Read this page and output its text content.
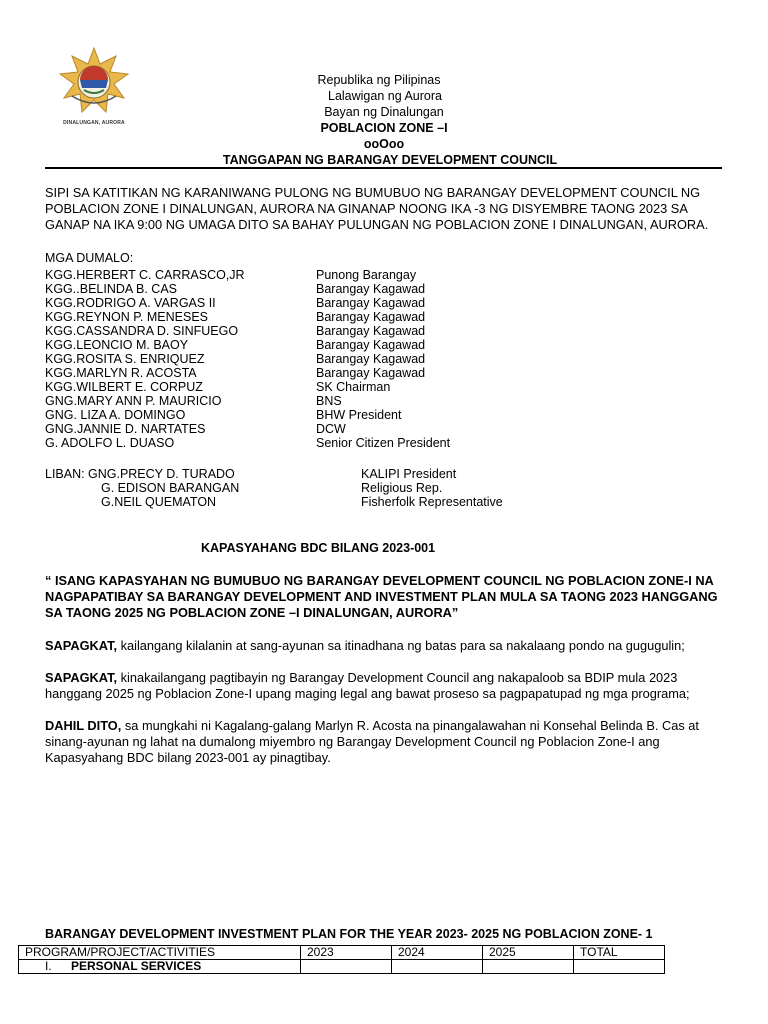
DINALUNGAN, AURORA
Republika ng Pilipinas
Lalawigan ng Aurora
Bayan ng Dinalungan
POBLACION ZONE –I
ooOoo
TANGGAPAN NG BARANGAY DEVELOPMENT COUNCIL
SIPI SA KATITIKAN NG KARANIWANG PULONG NG BUMUBUO NG BARANGAY DEVELOPMENT COUNCIL NG POBLACION ZONE I DINALUNGAN, AURORA NA GINANAP NOONG IKA -3 NG DISYEMBRE TAONG 2023 SA GANAP NA IKA 9:00 NG UMAGA DITO SA BAHAY PULUNGAN NG POBLACION ZONE I DINALUNGAN, AURORA.
MGA DUMALO:
KGG.HERBERT C. CARRASCO,JR	Punong Barangay
KGG..BELINDA B. CAS	Barangay Kagawad
KGG.RODRIGO A. VARGAS II	Barangay Kagawad
KGG.REYNON P. MENESES	Barangay Kagawad
KGG.CASSANDRA D. SINFUEGO	Barangay Kagawad
KGG.LEONCIO M. BAOY	Barangay Kagawad
KGG.ROSITA S. ENRIQUEZ	Barangay Kagawad
KGG.MARLYN R. ACOSTA	Barangay Kagawad
KGG.WILBERT E. CORPUZ	SK Chairman
GNG.MARY ANN P. MAURICIO	BNS
GNG. LIZA A. DOMINGO	BHW President
GNG.JANNIE D. NARTATES	DCW
G. ADOLFO L. DUASO	Senior Citizen President
LIBAN: GNG.PRECY D. TURADO	KALIPI President
G. EDISON BARANGAN	Religious Rep.
G.NEIL QUEMATON	Fisherfolk Representative
KAPASYAHANG BDC BILANG 2023-001
“ ISANG KAPASYAHAN NG BUMUBUO NG BARANGAY DEVELOPMENT COUNCIL NG POBLACION ZONE-I NA NAGPAPATIBAY SA BARANGAY DEVELOPMENT AND INVESTMENT PLAN MULA SA TAONG 2023 HANGGANG SA TAONG 2025 NG POBLACION ZONE –I DINALUNGAN, AURORA”
SAPAGKAT, kailangang kilalanin at sang-ayunan sa itinadhana ng batas para sa nakalaang pondo na gugugulin;
SAPAGKAT, kinakailangang pagtibayin ng Barangay Development Council ang nakapaloob sa BDIP mula 2023 hanggang 2025 ng Poblacion Zone-I upang maging legal ang bawat proseso sa pagpapatupad ng mga programa;
DAHIL DITO, sa mungkahi ni Kagalang-galang Marlyn R. Acosta na pinangalawahan ni Konsehal Belinda B. Cas at sinang-ayunan ng lahat na dumalong miyembro ng Barangay Development Council ng Poblacion Zone-I ang Kapasyahang BDC bilang 2023-001 ay pinagtibay.
BARANGAY DEVELOPMENT INVESTMENT PLAN FOR THE YEAR 2023- 2025 NG POBLACION ZONE- 1
PROGRAM/PROJECT/ACTIVITIES	2023	2024	2025	TOTAL
I. PERSONAL SERVICES				
